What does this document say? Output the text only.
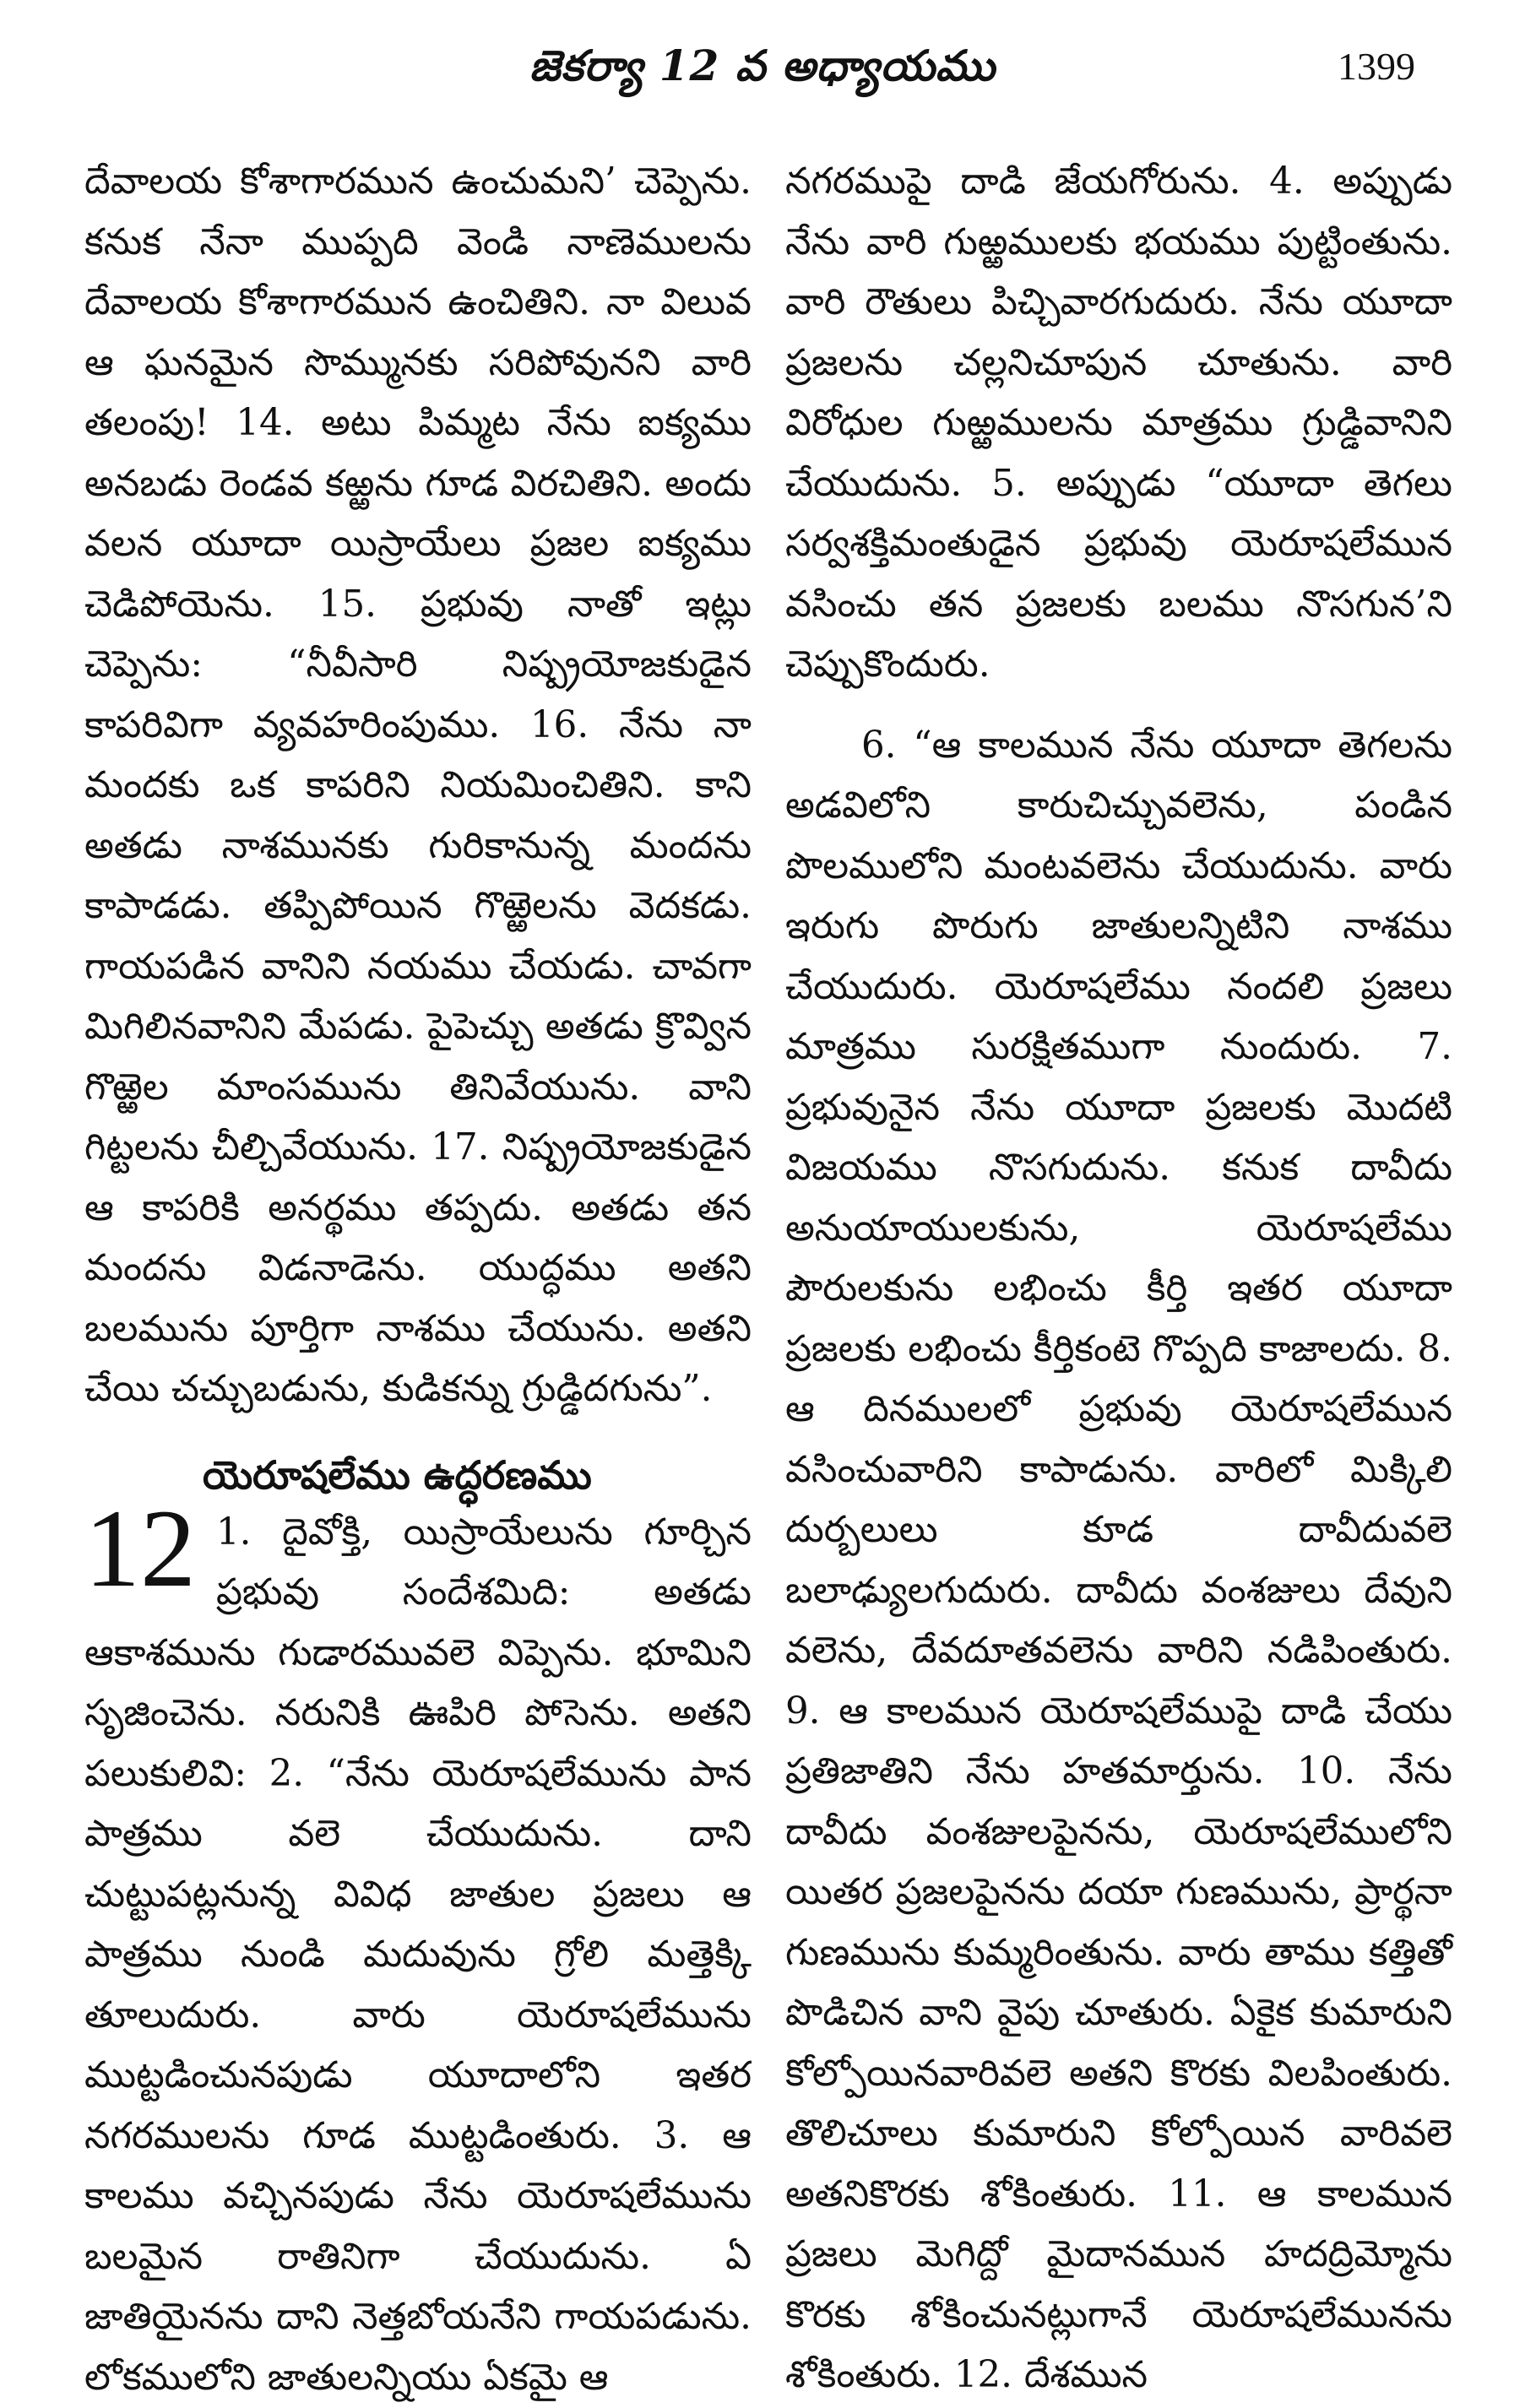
జెకర్యా 12 వ అధ్యాయము	1399

దేవాలయ కోశాగారమున ఉంచుమని’ చెప్పెను. కనుక నేనా ముప్పది వెండి నాణెములను దేవాలయ కోశాగారమున ఉంచితిని. నా విలువ ఆ ఘనమైన సొమ్మునకు సరిపోవునని వారి తలంపు! 14. అటు పిమ్మట నేను ఐక్యము అనబడు రెండవ కఱ్ఱను గూడ విరచితిని. అందు వలన యూదా యిస్రాయేలు ప్రజల ఐక్యము చెడిపోయెను. 15. ప్రభువు నాతో ఇట్లు చెప్పెను: “నీవీసారి నిష్ప్రయోజకుడైన కాపరివిగా వ్యవహరింపుము. 16. నేను నా మందకు ఒక కాపరిని నియమించితిని. కాని అతడు నాశమునకు గురికానున్న మందను కాపాడడు. తప్పిపోయిన గొఱ్ఱెలను వెదకడు. గాయపడిన వానిని నయము చేయడు. చావగా మిగిలినవానిని మేపడు. పైపెచ్చు అతడు క్రొవ్విన గొఱ్ఱెల మాంసమును తినివేయును. వాని గిట్టలను చీల్చివేయును. 17. నిష్ప్రయోజకుడైన ఆ కాపరికి అనర్థము తప్పదు. అతడు తన మందను విడనాడెను. యుద్ధము అతని బలమును పూర్తిగా నాశము చేయును. అతని చేయి చచ్చుబడును, కుడికన్ను గ్రుడ్డిదగును”.

యెరూషలేము ఉద్ధరణము
12 1. దైవోక్తి, యిస్రాయేలును గూర్చిన ప్రభువు సందేశమిది: అతడు ఆకాశమును గుడారమువలె విప్పెను. భూమిని సృజించెను. నరునికి ఊపిరి పోసెను. అతని పలుకులివి: 2. “నేను యెరూషలేమును పాన పాత్రము వలె చేయుదును. దాని చుట్టుపట్లనున్న వివిధ జాతుల ప్రజలు ఆ పాత్రము నుండి మదువును గ్రోలి మత్తెక్కి తూలుదురు. వారు యెరూషలేమును ముట్టడించునపుడు యూదాలోని ఇతర నగరములను గూడ ముట్టడింతురు. 3. ఆ కాలము వచ్చినపుడు నేను యెరూషలేమును బలమైన రాతినిగా చేయుదును. ఏ జాతియైనను దాని నెత్తబోయనేని గాయపడును. లోకములోని జాతులన్నియు ఏకమై ఆ

నగరముపై దాడి జేయగోరును. 4. అప్పుడు నేను వారి గుఱ్ఱములకు భయము పుట్టింతును. వారి రౌతులు పిచ్చివారగుదురు. నేను యూదా ప్రజలను చల్లనిచూపున చూతును. వారి విరోధుల గుఱ్ఱములను మాత్రము గ్రుడ్డివానిని చేయుదును. 5. అప్పుడు “యూదా తెగలు సర్వశక్తిమంతుడైన ప్రభువు యెరూషలేమున వసించు తన ప్రజలకు బలము నొసగున’ని చెప్పుకొందురు.

6. “ఆ కాలమున నేను యూదా తెగలను అడవిలోని కారుచిచ్చువలెను, పండిన పొలములోని మంటవలెను చేయుదును. వారు ఇరుగు పొరుగు జాతులన్నిటిని నాశము చేయుదురు. యెరూషలేము నందలి ప్రజలు మాత్రము సురక్షితముగా నుందురు. 7. ప్రభువునైన నేను యూదా ప్రజలకు మొదటి విజయము నొసగుదును. కనుక దావీదు అనుయాయులకును, యెరూషలేము పౌరులకును లభించు కీర్తి ఇతర యూదా ప్రజలకు లభించు కీర్తికంటె గొప్పది కాజాలదు. 8. ఆ దినములలో ప్రభువు యెరూషలేమున వసించువారిని కాపాడును. వారిలో మిక్కిలి దుర్బలులు కూడ దావీదువలె బలాఢ్యులగుదురు. దావీదు వంశజులు దేవుని వలెను, దేవదూతవలెను వారిని నడిపింతురు. 9. ఆ కాలమున యెరూషలేముపై దాడి చేయు ప్రతిజాతిని నేను హతమార్తును. 10. నేను దావీదు వంశజులపైనను, యెరూషలేములోని యితర ప్రజలపైనను దయా గుణమును, ప్రార్థనా గుణమును కుమ్మరింతును. వారు తాము కత్తితో పొడిచిన వాని వైపు చూతురు. ఏకైక కుమారుని కోల్పోయినవారివలె అతని కొరకు విలపింతురు. తొలిచూలు కుమారుని కోల్పోయిన వారివలె అతనికొరకు శోకింతురు. 11. ఆ కాలమున ప్రజలు మెగిద్దో మైదానమున హదద్రిమ్మోను కొరకు శోకించునట్లుగానే యెరూషలేమునను శోకింతురు. 12. దేశమున
